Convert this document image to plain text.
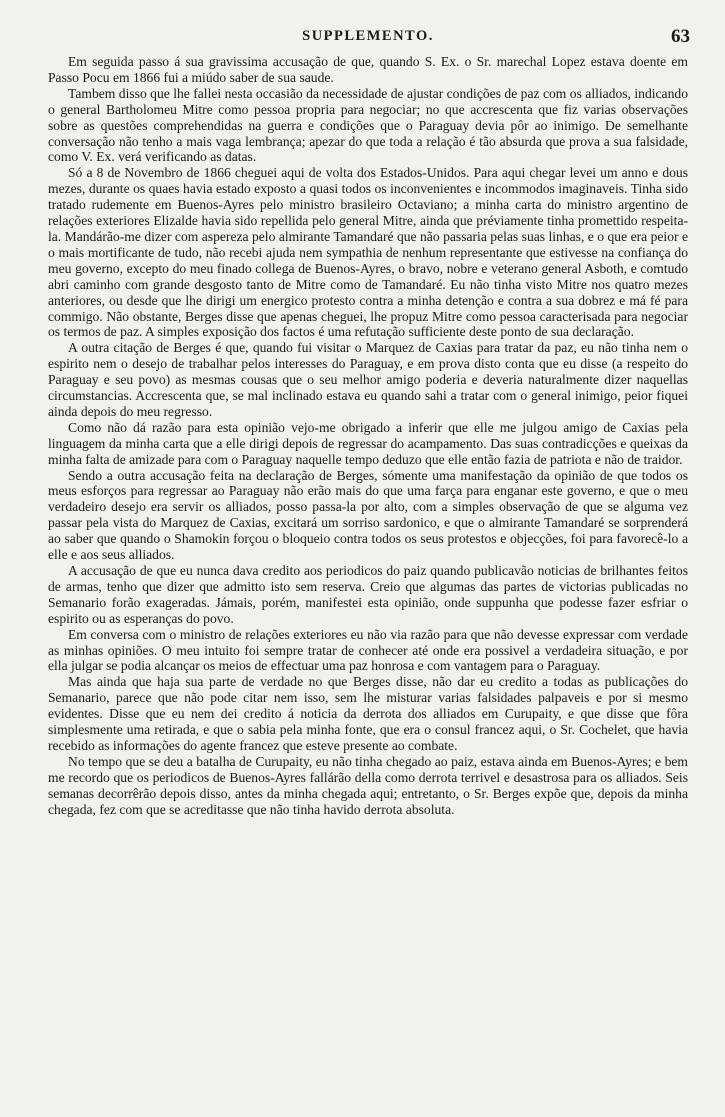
SUPPLEMENTO.	63

Em seguida passo á sua gravissima accusação de que, quando S. Ex. o Sr. marechal Lopez estava doente em Passo Pocu em 1866 fui a miúdo saber de sua saude.

Tambem disso que lhe fallei nesta occasião da necessidade de ajustar condições de paz com os alliados, indicando o general Bartholomeu Mitre como pessoa propria para negociar; no que accrescenta que fiz varias observações sobre as questões comprehendidas na guerra e condições que o Paraguay devia pôr ao inimigo. De semelhante conversação não tenho a mais vaga lembrança; apezar do que toda a relação é tão absurda que prova a sua falsidade, como V. Ex. verá verificando as datas.

Só a 8 de Novembro de 1866 cheguei aqui de volta dos Estados-Unidos. Para aqui chegar levei um anno e dous mezes, durante os quaes havia estado exposto a quasi todos os inconvenientes e incommodos imaginaveis. Tinha sido tratado rudemente em Buenos-Ayres pelo ministro brasileiro Octaviano; a minha carta do ministro argentino de relações exteriores Elizalde havia sido repellida pelo general Mitre, ainda que préviamente tinha promettido respeita-la. Mandárão-me dizer com aspereza pelo almirante Tamandaré que não passaria pelas suas linhas, e o que era peior e o mais mortificante de tudo, não recebi ajuda nem sympathia de nenhum representante que estivesse na confiança do meu governo, excepto do meu finado collega de Buenos-Ayres, o bravo, nobre e veterano general Asboth, e comtudo abri caminho com grande desgosto tanto de Mitre como de Tamandaré. Eu não tinha visto Mitre nos quatro mezes anteriores, ou desde que lhe dirigi um energico protesto contra a minha detenção e contra a sua dobrez e má fé para commigo. Não obstante, Berges disse que apenas cheguei, lhe propuz Mitre como pessoa caracterisada para negociar os termos de paz. A simples exposição dos factos é uma refutação sufficiente deste ponto de sua declaração.

A outra citação de Berges é que, quando fui visitar o Marquez de Caxias para tratar da paz, eu não tinha nem o espirito nem o desejo de trabalhar pelos interesses do Paraguay, e em prova disto conta que eu disse (a respeito do Paraguay e seu povo) as mesmas cousas que o seu melhor amigo poderia e deveria naturalmente dizer naquellas circumstancias. Accrescenta que, se mal inclinado estava eu quando sahi a tratar com o general inimigo, peior fiquei ainda depois do meu regresso.

Como não dá razão para esta opinião vejo-me obrigado a inferir que elle me julgou amigo de Caxias pela linguagem da minha carta que a elle dirigi depois de regressar do acampamento. Das suas contradicções e queixas da minha falta de amizade para com o Paraguay naquelle tempo deduzo que elle então fazia de patriota e não de traidor.

Sendo a outra accusação feita na declaração de Berges, sómente uma manifestação da opinião de que todos os meus esforços para regressar ao Paraguay não erão mais do que uma farça para enganar este governo, e que o meu verdadeiro desejo era servir os alliados, posso passa-la por alto, com a simples observação de que se alguma vez passar pela vista do Marquez de Caxias, excitará um sorriso sardonico, e que o almirante Tamandaré se sorprenderá ao saber que quando o Shamokin forçou o bloqueio contra todos os seus protestos e objecções, foi para favorecê-lo a elle e aos seus alliados.

A accusação de que eu nunca dava credito aos periodicos do paiz quando publicavão noticias de brilhantes feitos de armas, tenho que dizer que admitto isto sem reserva. Creio que algumas das partes de victorias publicadas no Semanario forão exageradas. Jámais, porém, manifestei esta opinião, onde suppunha que podesse fazer esfriar o espirito ou as esperanças do povo.

Em conversa com o ministro de relações exteriores eu não via razão para que não devesse expressar com verdade as minhas opiniões. O meu intuito foi sempre tratar de conhecer até onde era possivel a verdadeira situação, e por ella julgar se podia alcançar os meios de effectuar uma paz honrosa e com vantagem para o Paraguay.

Mas ainda que haja sua parte de verdade no que Berges disse, não dar eu credito a todas as publicações do Semanario, parece que não pode citar nem isso, sem lhe misturar varias falsidades palpaveis e por si mesmo evidentes. Disse que eu nem dei credito á noticia da derrota dos alliados em Curupaity, e que disse que fôra simplesmente uma retirada, e que o sabia pela minha fonte, que era o consul francez aqui, o Sr. Cochelet, que havia recebido as informações do agente francez que esteve presente ao combate.

No tempo que se deu a batalha de Curupaity, eu não tinha chegado ao paiz, estava ainda em Buenos-Ayres; e bem me recordo que os periodicos de Buenos-Ayres fallárão della como derrota terrivel e desastrosa para os alliados. Seis semanas decorrêrão depois disso, antes da minha chegada aqui; entretanto, o Sr. Berges expõe que, depois da minha chegada, fez com que se acreditasse que não tinha havido derrota absoluta.
